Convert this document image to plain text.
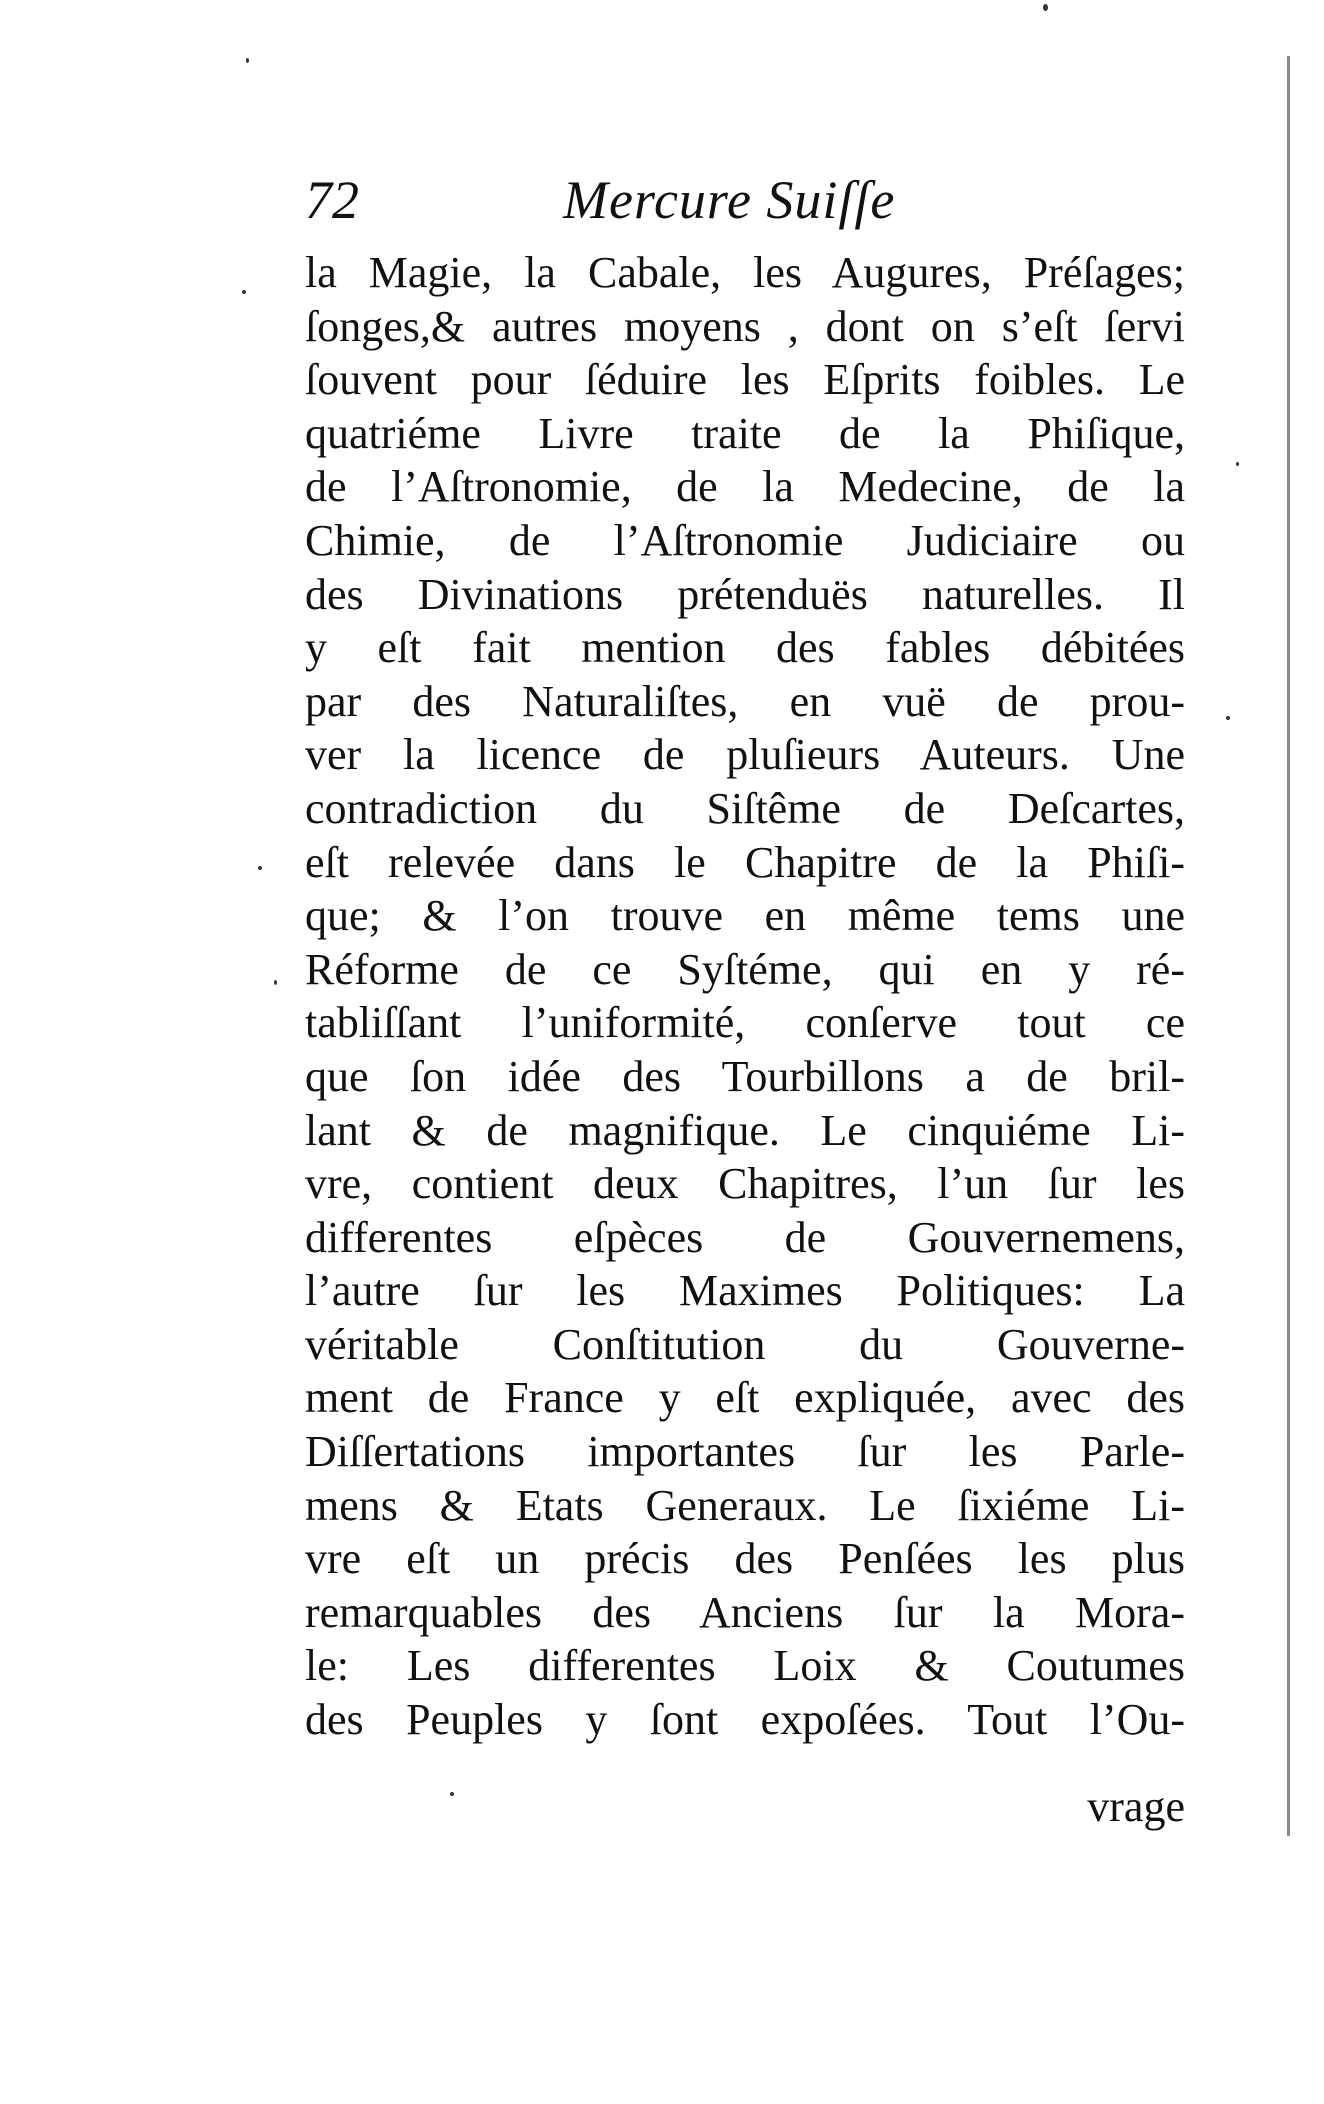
72	Mercure Suiſſe
la Magie, la Cabale, les Augures, Préſages;
ſonges,& autres moyens , dont on s’eſt ſervi
ſouvent pour ſéduire les Eſprits foibles. Le
quatriéme Livre traite de la Phiſique,
de l’Aſtronomie, de la Medecine, de la
Chimie, de l’Aſtronomie Judiciaire ou
des Divinations prétenduës naturelles. Il
y eſt fait mention des fables débitées
par des Naturaliſtes, en vuë de prou-
ver la licence de pluſieurs Auteurs. Une
contradiction du Siſtême de Deſcartes,
eſt relevée dans le Chapitre de la Phiſi-
que; & l’on trouve en même tems une
Réforme de ce Syſtéme, qui en y ré-
tabliſſant l’uniformité, conſerve tout ce
que ſon idée des Tourbillons a de bril-
lant & de magnifique. Le cinquiéme Li-
vre, contient deux Chapitres, l’un ſur les
differentes eſpèces de Gouvernemens,
l’autre ſur les Maximes Politiques: La
véritable Conſtitution du Gouverne-
ment de France y eſt expliquée, avec des
Diſſertations importantes ſur les Parle-
mens & Etats Generaux. Le ſixiéme Li-
vre eſt un précis des Penſées les plus
remarquables des Anciens ſur la Mora-
le: Les differentes Loix & Coutumes
des Peuples y ſont expoſées. Tout l’Ou-
vrage
